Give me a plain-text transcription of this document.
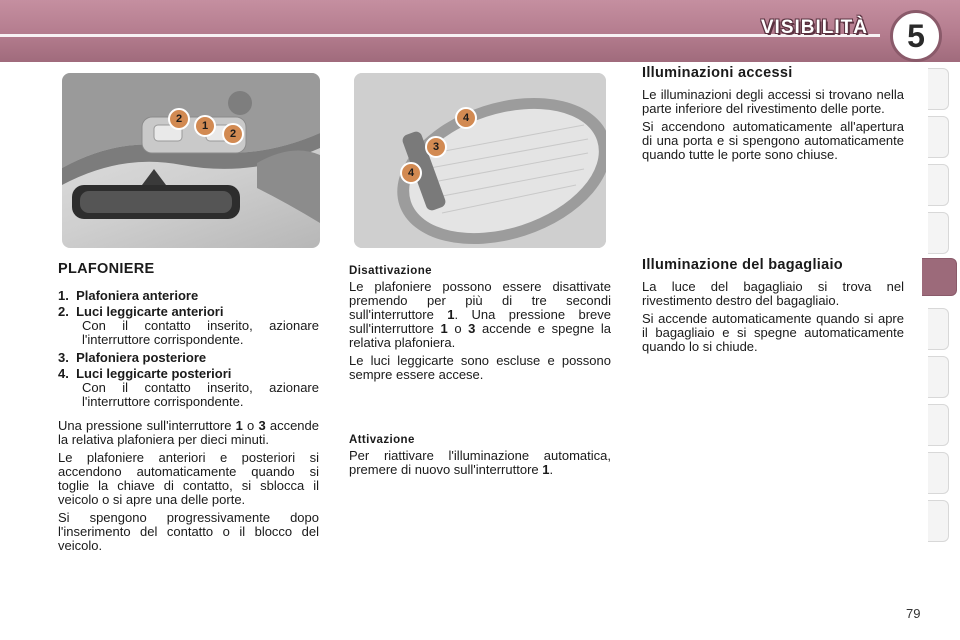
VISIBILITÀ	5
2
1
2
4
3
4
PLAFONIERE
1. Plafoniera anteriore
2. Luci leggicarte anteriori

Con il contatto inserito, azionare l'interruttore corrispondente.

3. Plafoniera posteriore
4. Luci leggicarte posteriori

Con il contatto inserito, azionare l'interruttore corrispondente.

Una pressione sull'interruttore 1 o 3 accende la relativa plafoniera per dieci minuti.

Le plafoniere anteriori e posteriori si accendono automaticamente quando si toglie la chiave di contatto, si sblocca il veicolo o si apre una delle porte.

Si spengono progressivamente dopo l'inserimento del contatto o il blocco del veicolo.

Disattivazione

Le plafoniere possono essere disattivate premendo per più di tre secondi sull'interruttore 1. Una pressione breve sull'interruttore 1 o 3 accende e spegne la relativa plafoniera.

Le luci leggicarte sono escluse e possono sempre essere accese.

Attivazione

Per riattivare l'illuminazione automatica, premere di nuovo sull'interruttore 1.

Illuminazioni accessi

Le illuminazioni degli accessi si trovano nella parte inferiore del rivestimento delle porte.

Si accendono automaticamente all'apertura di una porta e si spengono automaticamente quando tutte le porte sono chiuse.

Illuminazione del bagagliaio

La luce del bagagliaio si trova nel rivestimento destro del bagagliaio.

Si accende automaticamente quando si apre il bagagliaio e si spegne automaticamente quando lo si chiude.

79
